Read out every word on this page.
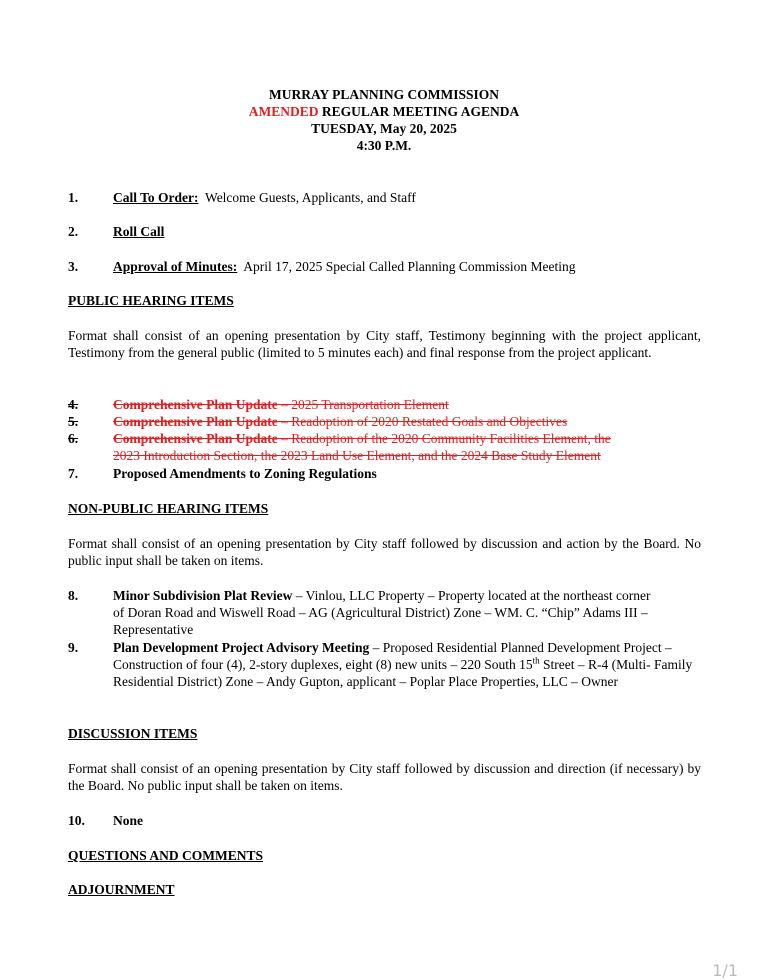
MURRAY PLANNING COMMISSION
AMENDED REGULAR MEETING AGENDA
TUESDAY, May 20, 2025
4:30 P.M.
1.	Call To Order: Welcome Guests, Applicants, and Staff
2.	Roll Call
3.	Approval of Minutes: April 17, 2025 Special Called Planning Commission Meeting
PUBLIC HEARING ITEMS
Format shall consist of an opening presentation by City staff, Testimony beginning with the project applicant, Testimony from the general public (limited to 5 minutes each) and final response from the project applicant.
4.	Comprehensive Plan Update – 2025 Transportation Element
5.	Comprehensive Plan Update – Readoption of 2020 Restated Goals and Objectives
6.	Comprehensive Plan Update – Readoption of the 2020 Community Facilities Element, the
2023 Introduction Section, the 2023 Land Use Element, and the 2024 Base Study Element
7.	Proposed Amendments to Zoning Regulations
NON-PUBLIC HEARING ITEMS
Format shall consist of an opening presentation by City staff followed by discussion and action by the Board. No public input shall be taken on items.
8.	Minor Subdivision Plat Review – Vinlou, LLC Property – Property located at the northeast corner of Doran Road and Wiswell Road – AG (Agricultural District) Zone – WM. C. “Chip” Adams III – Representative
9.	Plan Development Project Advisory Meeting – Proposed Residential Planned Development Project – Construction of four (4), 2-story duplexes, eight (8) new units – 220 South 15th Street – R-4 (Multi- Family Residential District) Zone – Andy Gupton, applicant – Poplar Place Properties, LLC – Owner
DISCUSSION ITEMS
Format shall consist of an opening presentation by City staff followed by discussion and direction (if necessary) by the Board. No public input shall be taken on items.
10.	None
QUESTIONS AND COMMENTS
ADJOURNMENT
1/1
